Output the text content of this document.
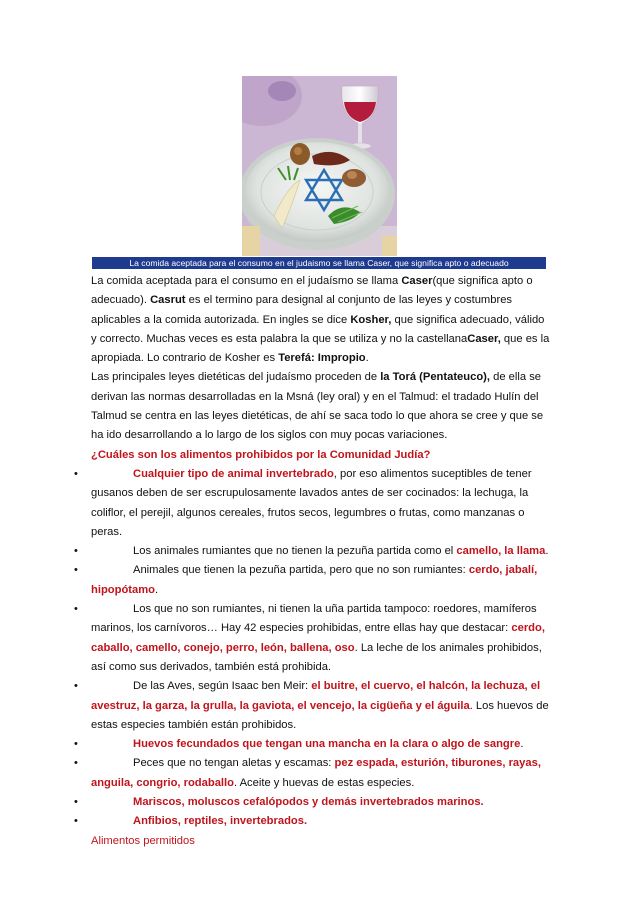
La comida aceptada para el consumo en el judaismo se llama Caser, que significa apto o adecuado

La comida aceptada para el consumo en el judaísmo se llama Caser(que significa apto o adecuado). Casrut es el termino para designal al conjunto de las leyes y costumbres aplicables a la comida autorizada. En ingles se dice Kosher, que significa adecuado, válido y correcto. Muchas veces es esta palabra la que se utiliza y no la castellanaCaser, que es la apropiada. Lo contrario de Kosher es Terefá: Impropio.

Las principales leyes dietéticas del judaísmo proceden de la Torá (Pentateuco), de ella se derivan las normas desarrolladas en la Msná (ley oral) y en el Talmud: el tradado Hulín del Talmud se centra en las leyes dietéticas, de ahí se saca todo lo que ahora se cree y que se ha ido desarrollando a lo largo de los siglos con muy pocas variaciones.

¿Cuáles son los alimentos prohibidos por la Comunidad Judía?

•	Cualquier tipo de animal invertebrado, por eso alimentos suceptibles de tener gusanos deben de ser escrupulosamente lavados antes de ser cocinados: la lechuga, la coliflor, el perejil, algunos cereales, frutos secos, legumbres o frutas, como manzanas o peras.
•	Los animales rumiantes que no tienen la pezuña partida como el camello, la llama.
•	Animales que tienen la pezuña partida, pero que no son rumiantes: cerdo, jabalí, hipopótamo.
•	Los que no son rumiantes, ni tienen la uña partida tampoco: roedores, mamíferos marinos, los carnívoros… Hay 42 especies prohibidas, entre ellas hay que destacar: cerdo, caballo, camello, conejo, perro, león, ballena, oso. La leche de los animales prohibidos, así como sus derivados, también está prohibida.
•	De las Aves, según Isaac ben Meir: el buitre, el cuervo, el halcón, la lechuza, el avestruz, la garza, la grulla, la gaviota, el vencejo, la cigüeña y el águila. Los huevos de estas especies también están prohibidos.
•	Huevos fecundados que tengan una mancha en la clara o algo de sangre.
•	Peces que no tengan aletas y escamas: pez espada, esturión, tiburones, rayas, anguila, congrio, rodaballo. Aceite y huevas de estas especies.
•	Mariscos, moluscos cefalópodos y demás invertebrados marinos.
•	Anfibios, reptiles, invertebrados.

Alimentos permitidos
